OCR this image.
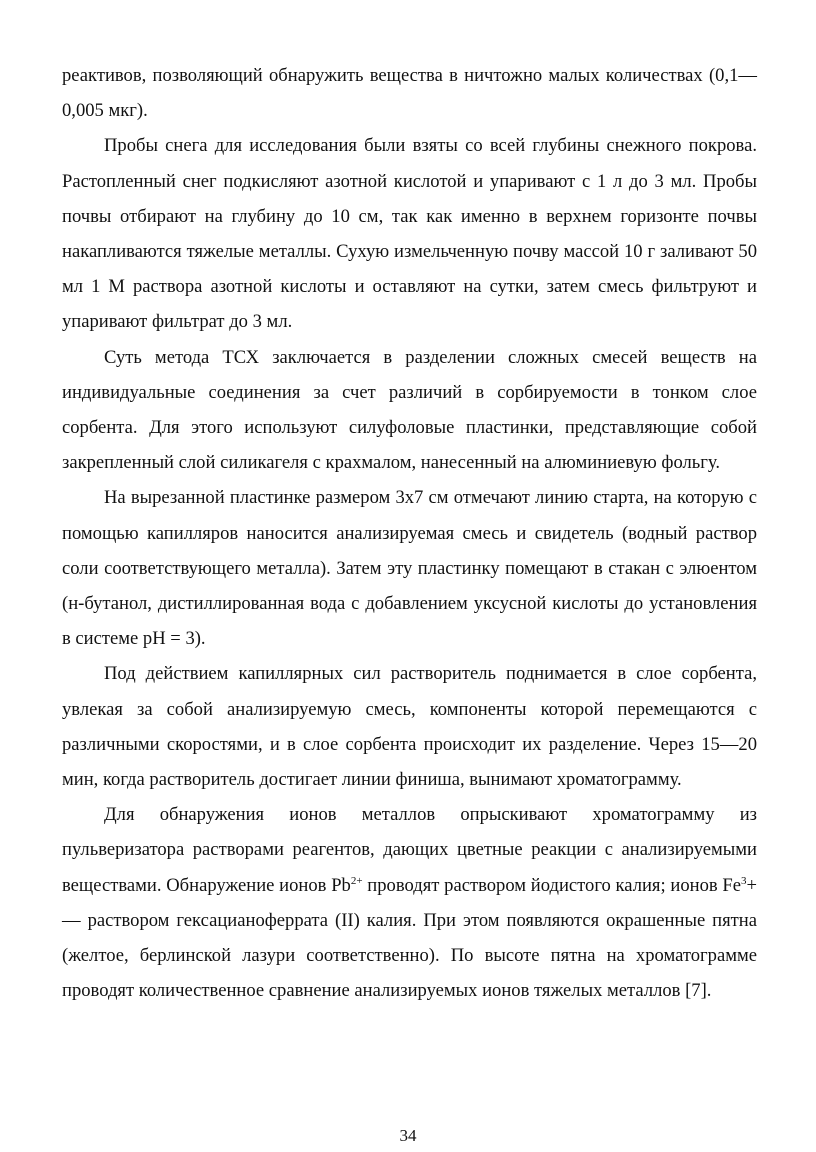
реактивов, позволяющий обнаружить вещества в ничтожно малых количествах (0,1—0,005 мкг).

Пробы снега для исследования были взяты со всей глубины снежного покрова. Растопленный снег подкисляют азотной кислотой и упаривают с 1 л до 3 мл. Пробы почвы отбирают на глубину до 10 см, так как именно в верхнем горизонте почвы накапливаются тяжелые металлы. Сухую измельченную почву массой 10 г заливают 50 мл 1 М раствора азотной кислоты и оставляют на сутки, затем смесь фильтруют и упаривают фильтрат до 3 мл.

Суть метода ТСХ заключается в разделении сложных смесей веществ на индивидуальные соединения за счет различий в сорбируемости в тонком слое сорбента. Для этого используют силуфоловые пластинки, представляющие собой закрепленный слой силикагеля с крахмалом, нанесенный на алюминиевую фольгу.

На вырезанной пластинке размером 3х7 см отмечают линию старта, на которую с помощью капилляров наносится анализируемая смесь и свидетель (водный раствор соли соответствующего металла). Затем эту пластинку помещают в стакан с элюентом (н-бутанол, дистиллированная вода с добавлением уксусной кислоты до установления в системе рН = 3).

Под действием капиллярных сил растворитель поднимается в слое сорбента, увлекая за собой анализируемую смесь, компоненты которой перемещаются с различными скоростями, и в слое сорбента происходит их разделение. Через 15—20 мин, когда растворитель достигает линии финиша, вынимают хроматограмму.

Для обнаружения ионов металлов опрыскивают хроматограмму из пульверизатора растворами реагентов, дающих цветные реакции с анализируемыми веществами. Обнаружение ионов $Pb^{2+}$ проводят раствором йодистого калия; ионов $Fe^3+$ — раствором гексацианоферрата (II) калия. При этом появляются окрашенные пятна (желтое, берлинской лазури соответственно). По высоте пятна на хроматограмме проводят количественное сравнение анализируемых ионов тяжелых металлов [7].

34
